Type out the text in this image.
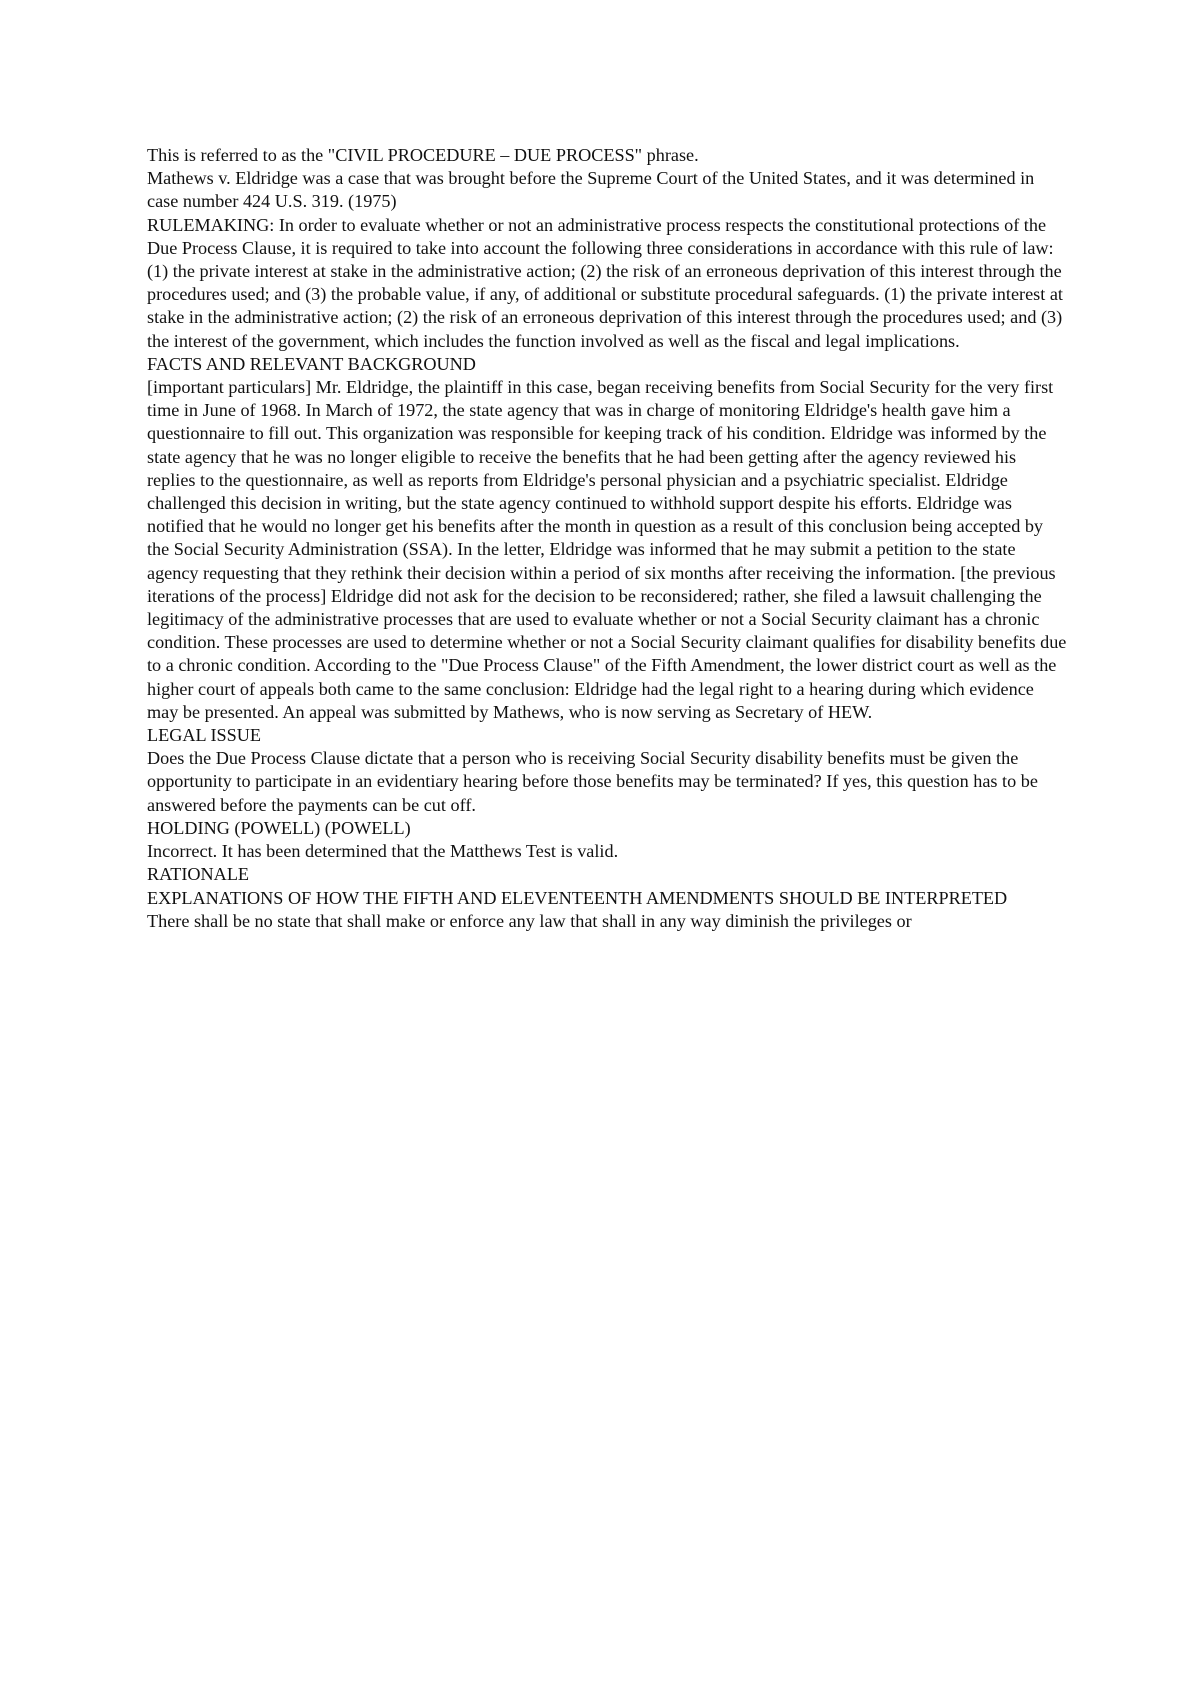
This is referred to as the "CIVIL PROCEDURE – DUE PROCESS" phrase.

Mathews v. Eldridge was a case that was brought before the Supreme Court of the United States, and it was determined in case number 424 U.S. 319. (1975)

RULEMAKING: In order to evaluate whether or not an administrative process respects the constitutional protections of the Due Process Clause, it is required to take into account the following three considerations in accordance with this rule of law: (1) the private interest at stake in the administrative action; (2) the risk of an erroneous deprivation of this interest through the procedures used; and (3) the probable value, if any, of additional or substitute procedural safeguards. (1) the private interest at stake in the administrative action; (2) the risk of an erroneous deprivation of this interest through the procedures used; and (3) the interest of the government, which includes the function involved as well as the fiscal and legal implications.

FACTS AND RELEVANT BACKGROUND

[important particulars] Mr. Eldridge, the plaintiff in this case, began receiving benefits from Social Security for the very first time in June of 1968. In March of 1972, the state agency that was in charge of monitoring Eldridge's health gave him a questionnaire to fill out. This organization was responsible for keeping track of his condition. Eldridge was informed by the state agency that he was no longer eligible to receive the benefits that he had been getting after the agency reviewed his replies to the questionnaire, as well as reports from Eldridge's personal physician and a psychiatric specialist. Eldridge challenged this decision in writing, but the state agency continued to withhold support despite his efforts. Eldridge was notified that he would no longer get his benefits after the month in question as a result of this conclusion being accepted by the Social Security Administration (SSA). In the letter, Eldridge was informed that he may submit a petition to the state agency requesting that they rethink their decision within a period of six months after receiving the information. [the previous iterations of the process] Eldridge did not ask for the decision to be reconsidered; rather, she filed a lawsuit challenging the legitimacy of the administrative processes that are used to evaluate whether or not a Social Security claimant has a chronic condition. These processes are used to determine whether or not a Social Security claimant qualifies for disability benefits due to a chronic condition. According to the "Due Process Clause" of the Fifth Amendment, the lower district court as well as the higher court of appeals both came to the same conclusion: Eldridge had the legal right to a hearing during which evidence may be presented. An appeal was submitted by Mathews, who is now serving as Secretary of HEW.

LEGAL ISSUE

Does the Due Process Clause dictate that a person who is receiving Social Security disability benefits must be given the opportunity to participate in an evidentiary hearing before those benefits may be terminated? If yes, this question has to be answered before the payments can be cut off.

HOLDING (POWELL) (POWELL)

Incorrect. It has been determined that the Matthews Test is valid.

RATIONALE

EXPLANATIONS OF HOW THE FIFTH AND ELEVENTEENTH AMENDMENTS SHOULD BE INTERPRETED

There shall be no state that shall make or enforce any law that shall in any way diminish the privileges or
